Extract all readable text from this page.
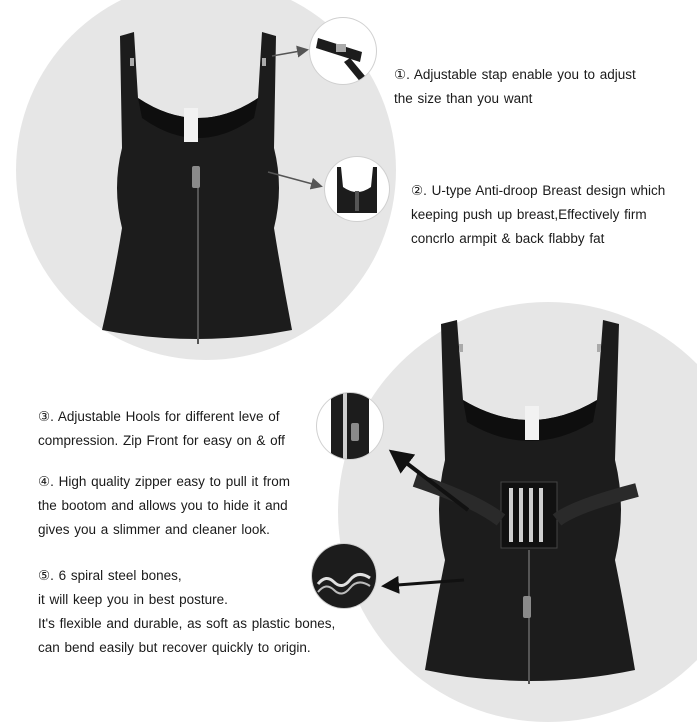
①. Adjustable stap enable you to adjust
the size than you want
②. U-type Anti-droop Breast design which
keeping push up breast,Effectively firm
concrlo armpit & back flabby fat
③. Adjustable Hools for different leve of
compression. Zip Front for easy on & off
④. High quality zipper easy to pull it from
the bootom and allows you to hide it and
gives you a slimmer and cleaner look.
⑤. 6 spiral steel bones,
it will keep you in best posture.
It's flexible and durable, as soft as plastic bones,
can bend easily but recover quickly to origin.
